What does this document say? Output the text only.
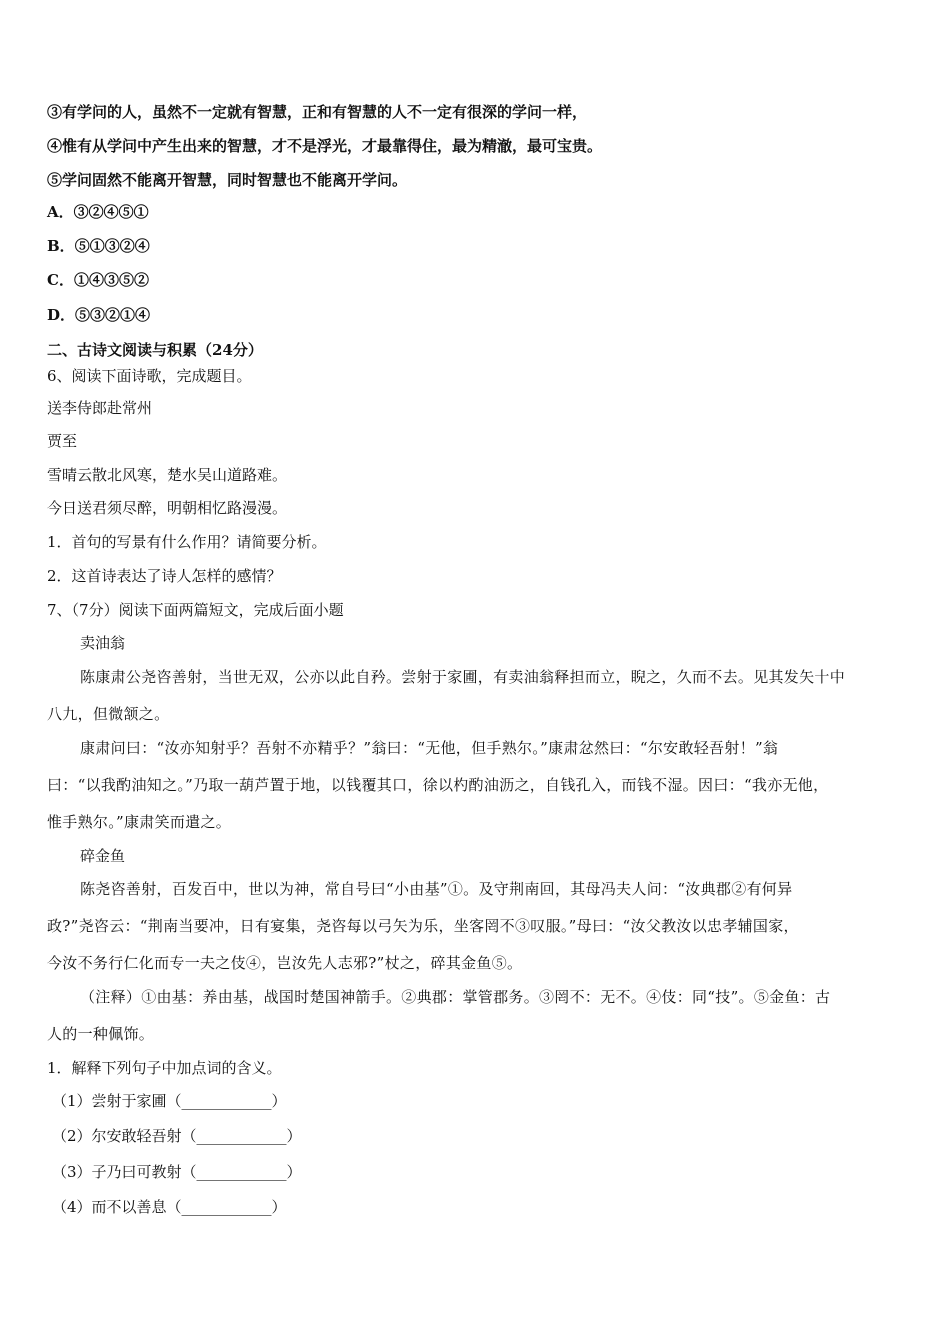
③有学问的人，虽然不一定就有智慧，正和有智慧的人不一定有很深的学问一样，

④惟有从学问中产生出来的智慧，才不是浮光，才最靠得住，最为精澈，最可宝贵。

⑤学问固然不能离开智慧，同时智慧也不能离开学问。

A．③②④⑤①

B．⑤①③②④

C．①④③⑤②

D．⑤③②①④

二、古诗文阅读与积累（24分）

6、阅读下面诗歌，完成题目。

送李侍郎赴常州

贾至

雪晴云散北风寒，楚水吴山道路难。

今日送君须尽醉，明朝相忆路漫漫。

1．首句的写景有什么作用？请简要分析。

2．这首诗表达了诗人怎样的感情？

7、（7分）阅读下面两篇短文，完成后面小题

卖油翁

陈康肃公尧咨善射，当世无双，公亦以此自矜。尝射于家圃，有卖油翁释担而立，睨之，久而不去。见其发矢十中

八九，但微颔之。

康肃问曰：“汝亦知射乎？吾射不亦精乎？”翁曰：“无他，但手熟尔。”康肃忿然曰：“尔安敢轻吾射！”翁

曰：“以我酌油知之。”乃取一葫芦置于地，以钱覆其口，徐以杓酌油沥之，自钱孔入，而钱不湿。因曰：“我亦无他，

惟手熟尔。”康肃笑而遣之。

碎金鱼

陈尧咨善射，百发百中，世以为神，常自号曰“小由基”①。及守荆南回，其母冯夫人问：“汝典郡②有何异

政?”尧咨云：“荆南当要冲，日有宴集，尧咨每以弓矢为乐，坐客罔不③叹服。”母曰：“汝父教汝以忠孝辅国家，

今汝不务行仁化而专一夫之伎④，岂汝先人志邪?”杖之，碎其金鱼⑤。

（注释）①由基：养由基，战国时楚国神箭手。②典郡：掌管郡务。③罔不：无不。④伎：同“技”。⑤金鱼：古

人的一种佩饰。

1．解释下列句子中加点词的含义。

（1）尝射于家圃（____________）

（2）尔安敢轻吾射（____________）

（3）子乃曰可教射（____________）

（4）而不以善息（____________）
